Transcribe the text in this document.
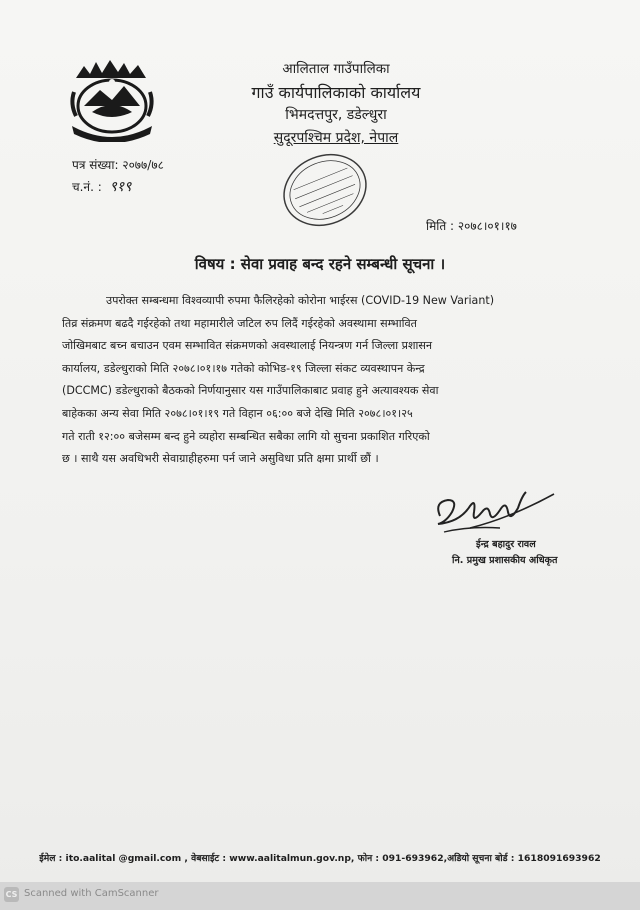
आलिताल गाउँपालिका
गाउँ कार्यपालिकाको कार्यालय
भिमदत्तपुर, डडेल्धुरा
सुदूरपश्चिम प्रदेश, नेपाल
पत्र संख्या: २०७७/७८
च.नं. : ९१९
मिति : २०७८।०१।१७
विषय : सेवा प्रवाह बन्द रहने सम्बन्धी सूचना ।
उपरोक्त सम्बन्धमा विश्वव्यापी रुपमा फैलिरहेको कोरोना भाईरस (COVID-19 New Variant)
तिव्र संक्रमण बढदै गईरहेको तथा महामारीले जटिल रुप लिदैं गईरहेको अवस्थामा सम्भावित
जोखिमबाट बच्न बचाउन एवम सम्भावित संक्रमणको अवस्थालाई नियन्त्रण गर्न जिल्ला प्रशासन
कार्यालय, डडेल्धुराको मिति २०७८।०१।१७ गतेको कोभिड-१९ जिल्ला संकट व्यवस्थापन केन्द्र
(DCCMC) डडेल्धुराको बैठकको निर्णयानुसार यस गाउँपालिकाबाट प्रवाह हुने अत्यावश्यक सेवा
बाहेकका अन्य सेवा मिति २०७८।०१।१९ गते विहान ०६:०० बजे देखि मिति २०७८।०१।२५
गते राती १२:०० बजेसम्म बन्द हुने व्यहोरा सम्बन्धित सबैका लागि यो सुचना प्रकाशित गरिएको
छ । साथै यस अवधिभरी सेवाग्राहीहरुमा पर्न जाने असुविधा प्रति क्षमा प्रार्थी छौं ।
ईन्द्र बहादुर रावल
नि. प्रमुख प्रशासकीय अधिकृत
ईमेल : ito.aalital @gmail.com , वेबसाईट : www.aalitalmun.gov.np, फोन : 091-693962,अडियो सूचना बोर्ड : 1618091693962
CS Scanned with CamScanner
